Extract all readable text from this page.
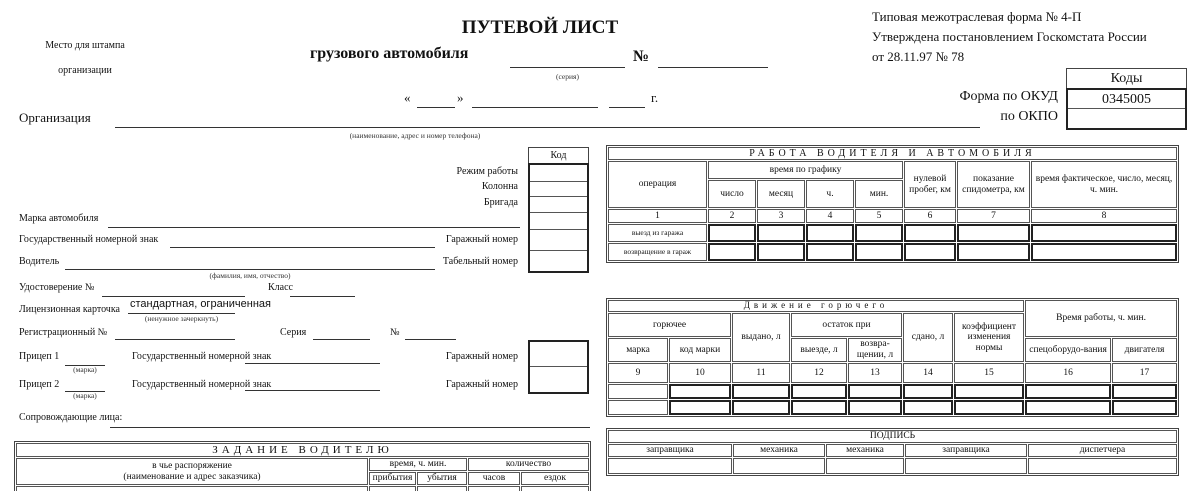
Место для штампа
организации
ПУТЕВОЙ ЛИСТ
грузового автомобиля
(серия)
№
«	»	г.
Типовая межотраслевая форма № 4-П
Утверждена постановлением Госкомстата России
от 28.11.97 № 78
Организация
(наименование, адрес и номер телефона)
Форма по ОКУД
по ОКПО
Коды
0345005
Код
Режим работы
Колонна
Бригада
Гаражный номер
Табельный номер
Марка автомобиля
Государственный номерной знак
Водитель
(фамилия, имя, отчество)
Удостоверение №	Класс
Лицензионная карточка стандартная, ограниченная
(ненужное зачеркнуть)
Регистрационный №	Серия	№
Прицеп 1
(марка)
Государственный номерной знак	Гаражный номер
Прицеп 2
(марка)
Государственный номерной знак	Гаражный номер
Сопровождающие лица:
ЗАДАНИЕ ВОДИТЕЛЮ				
в чье распоряжение
(наименование и адрес заказчика)	время, ч. мин.		количество	
	прибытия	убытия	часов	ездок

РАБОТА ВОДИТЕЛЯ И АВТОМОБИЛЯ							
операция	время по графику				нулевой пробег, км	показание спидометра, км	время фактическое, число, месяц, ч. мин.
	число	месяц	ч.	мин.			
1	2	3	4	5	6	7	8
выезд из гаража							
возвращение в гараж							
Движение горючего							Время работы, ч. мин.	
горючее		выдано, л	остаток при		сдано, л	коэффициент изменения нормы		
марка	код марки		выезде, л	возвра-щении, л			спецоборудо-вания	двигателя
9	10	11	12	13	14	15	16	17

ПОДПИСЬ				
заправщика	механика	механика	заправщика	диспетчера
